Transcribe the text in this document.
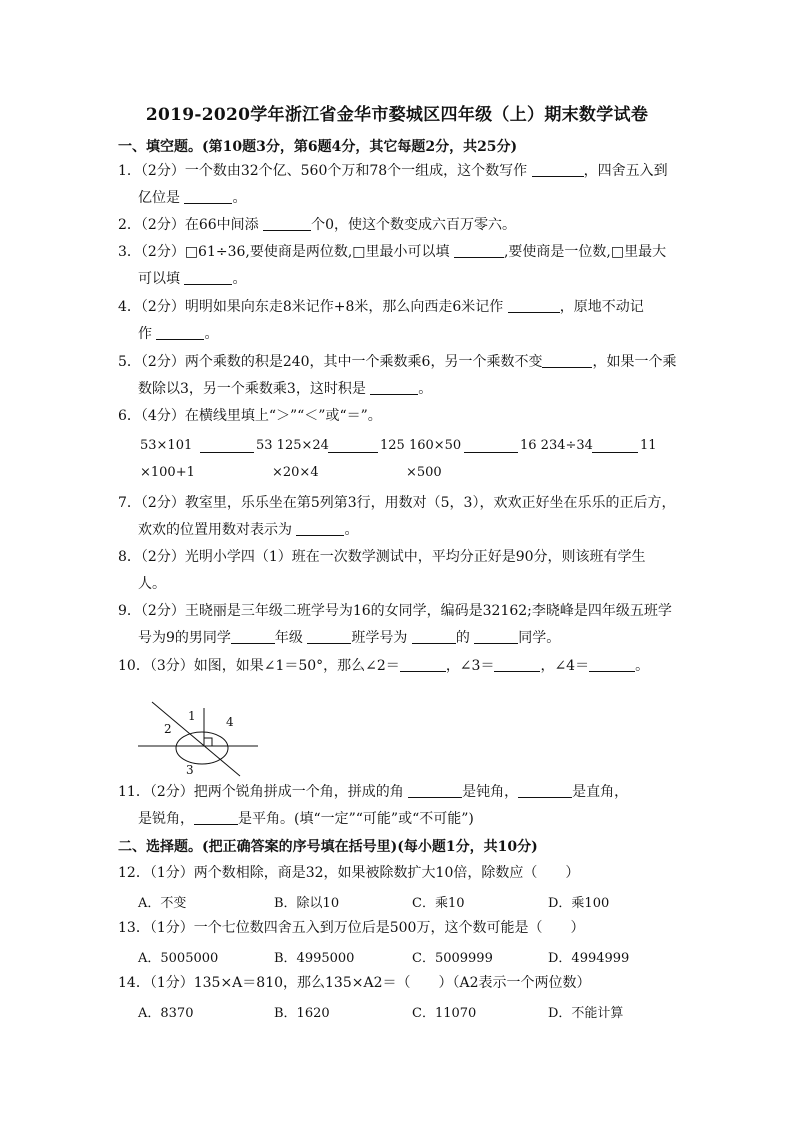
2019-2020学年浙江省金华市婺城区四年级（上）期末数学试卷
一、填空题。(第10题3分，第6题4分，其它每题2分，共25分)
1．（2分）一个数由32个亿、560个万和78个一组成，这个数写作	，四舍五入到
亿位是	。
2．（2分）在66中间添	个0，使这个数变成六百万零六。
3．（2分）□61÷36,要使商是两位数,□里最小可以填	,要使商是一位数,□里最大
可以填	。
4．（2分）明明如果向东走8米记作+8米，那么向西走6米记作	，原地不动记
作	。
5．（2分）两个乘数的积是240，其中一个乘数乘6，另一个乘数不变	，如果一个乘
数除以3，另一个乘数乘3，这时积是	。
6．（4分）在横线里填上“＞”“＜”或“＝”。
53×101	53 125×24	125 160×50	16 234÷34	11
×100+1	×20×4	×500
7．（2分）教室里，乐乐坐在第5列第3行，用数对（5，3），欢欢正好坐在乐乐的正后方，
欢欢的位置用数对表示为	。
8．（2分）光明小学四（1）班在一次数学测试中，平均分正好是90分，则该班有学生
人。
9．（2分）王晓丽是三年级二班学号为16的女同学，编码是32162;李晓峰是四年级五班学
号为9的男同学	年级	班学号为	的	同学。
10．（3分）如图，如果∠1＝50°，那么∠2＝	，∠3＝	，∠4＝	。
1
2
3
4
11．（2分）把两个锐角拼成一个角，拼成的角	是钝角，	是直角，
是锐角，	是平角。(填“一定”“可能”或“不可能”)
二、选择题。(把正确答案的序号填在括号里)(每小题1分，共10分)
12．（1分）两个数相除，商是32，如果被除数扩大10倍，除数应（　　）
A．不变	B．除以10	C．乘10	D．乘100
13．（1分）一个七位数四舍五入到万位后是500万，这个数可能是（　　）
A．5005000	B．4995000	C．5009999	D．4994999
14．（1分）135×A＝810，那么135×A2＝（　　）（A2表示一个两位数）
A．8370	B．1620	C．11070	D．不能计算
